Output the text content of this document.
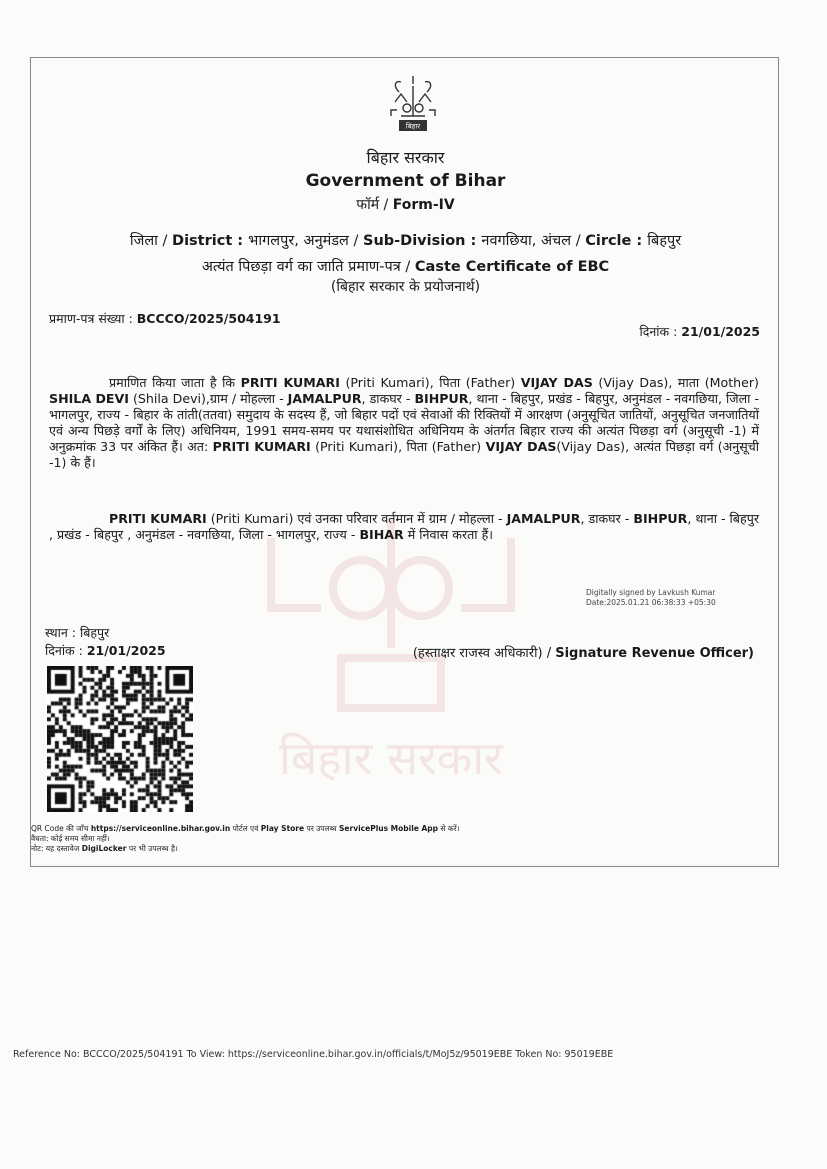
बिहार
बिहार सरकार
Government of Bihar
फॉर्म / Form-IV
जिला / District : भागलपुर, अनुमंडल / Sub-Division : नवगछिया, अंचल / Circle : बिहपुर
अत्यंत पिछड़ा वर्ग का जाति प्रमाण-पत्र / Caste Certificate of EBC
(बिहार सरकार के प्रयोजनार्थ)
प्रमाण-पत्र संख्या : BCCCO/2025/504191
दिनांक : 21/01/2025
बिहार सरकार
प्रमाणित किया जाता है कि PRITI KUMARI (Priti Kumari), पिता (Father) VIJAY DAS (Vijay Das), माता (Mother) SHILA DEVI (Shila Devi),ग्राम / मोहल्ला - JAMALPUR, डाकघर - BIHPUR, थाना - बिहपुर, प्रखंड - बिहपुर, अनुमंडल - नवगछिया, जिला - भागलपुर, राज्य - बिहार के तांती(ततवा) समुदाय के सदस्य हैं, जो बिहार पदों एवं सेवाओं की रिक्तियों में आरक्षण (अनुसूचित जातियों, अनुसूचित जनजातियों एवं अन्य पिछड़े वर्गों के लिए) अधिनियम, 1991 समय-समय पर यथासंशोधित अधिनियम के अंतर्गत बिहार राज्य की अत्यंत पिछड़ा वर्ग (अनुसूची -1) में अनुक्रमांक 33 पर अंकित हैं। अत: PRITI KUMARI (Priti Kumari), पिता (Father) VIJAY DAS(Vijay Das), अत्यंत पिछड़ा वर्ग (अनुसूची -1) के हैं।
PRITI KUMARI (Priti Kumari) एवं उनका परिवार वर्तमान में ग्राम / मोहल्ला - JAMALPUR, डाकघर - BIHPUR, थाना - बिहपुर , प्रखंड - बिहपुर , अनुमंडल - नवगछिया, जिला - भागलपुर, राज्य - BIHAR में निवास करता हैं।
Digitally signed by Lavkush Kumar
Date:2025.01.21 06:38:33 +05:30
स्थान : बिहपुर
दिनांक : 21/01/2025	(हस्ताक्षर राजस्व अधिकारी) / Signature Revenue Officer)
QR Code की जाँच https://serviceonline.bihar.gov.in पोर्टल एवं Play Store पर उपलब्ध ServicePlus Mobile App से करें।
वैधता: कोई समय सीमा नहीं।
नोट: यह दस्तावेज DigiLocker पर भी उपलब्ध है।
Reference No: BCCCO/2025/504191 To View: https://serviceonline.bihar.gov.in/officials/t/MoJ5z/95019EBE Token No: 95019EBE
